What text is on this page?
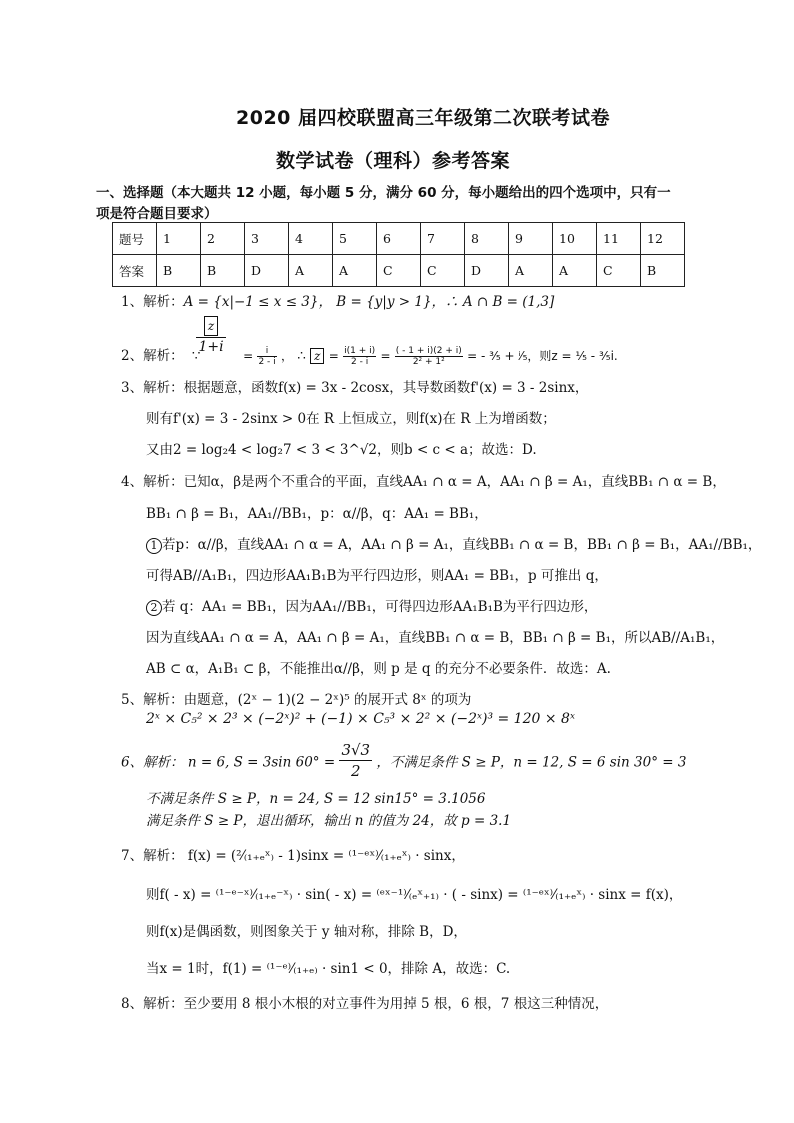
2020 届四校联盟高三年级第二次联考试卷
数学试卷（理科）参考答案
一、选择题（本大题共 12 小题，每小题 5 分，满分 60 分，每小题给出的四个选项中，只有一
项是符合题目要求）
题号	1	2	3	4	5	6	7	8	9	10	11	12
答案	B	B	D	A	A	C	C	D	A	A	C	B
1、解析：A = {x|−1 ≤ x ≤ 3}， B = {y|y > 1}，∴ A ∩ B = (1,3]
z
1+i
2、解析： ∵	= $\frac{i}{2 - i}$ ， ∴ $z = \frac{i(1 + i)}{2 - i} = \frac{( - 1 + i)(2 + i)}{\text{2² + 1²}}$ = - ³⁄₅ + ⁱ⁄₅，则z = ¹⁄₅ - ³⁄₅i.
3、解析：根据题意，函数f(x) = 3x - 2cosx，其导数函数f'(x) = 3 - 2sinx，
则有f'(x) = 3 - 2sinx > 0在 R 上恒成立，则f(x)在 R 上为增函数；
又由2 = log₂4 < log₂7 < 3 < 3^√2，则b < c < a；故选：D.
4、解析：已知α，β是两个不重合的平面，直线AA₁ ∩ α = A，AA₁ ∩ β = A₁，直线BB₁ ∩ α = B，
BB₁ ∩ β = B₁，AA₁//BB₁，p：α//β，q：AA₁ = BB₁，
1 若p：α//β，直线AA₁ ∩ α = A，AA₁ ∩ β = A₁，直线BB₁ ∩ α = B，BB₁ ∩ β = B₁，AA₁//BB₁，
可得AB//A₁B₁，四边形AA₁B₁B为平行四边形，则AA₁ = BB₁，p 可推出 q，
2 若 q：AA₁ = BB₁，因为AA₁//BB₁，可得四边形AA₁B₁B为平行四边形，
因为直线AA₁ ∩ α = A，AA₁ ∩ β = A₁，直线BB₁ ∩ α = B，BB₁ ∩ β = B₁，所以AB//A₁B₁，
AB ⊂ α，A₁B₁ ⊂ β，不能推出α//β，则 p 是 q 的充分不必要条件．故选：A.
5、解析：由题意，(2ˣ − 1)(2 − 2ˣ)⁵ 的展开式 8ˣ 的项为
2ˣ × C₅² × 2³ × (−2ˣ)² + (−1) × C₅³ × 2² × (−2ˣ)³ = 120 × 8ˣ
6、解析： n = 6, S = 3sin $60^\circ = \frac{3√3}{2}$ ，不满足条件 S ≥ P，n = 12, S = 6 sin 30° = 3
不满足条件 S ≥ P，n = 24, S = 12 sin15° = 3.1056
满足条件 S ≥ P，退出循环，输出 n 的值为 24，故 p = 3.1
7、解析： f(x) = (²⁄₍₁₊ₑˣ₎ - 1)sinx = ⁽¹⁻ᵉˣ⁾⁄₍₁₊ₑˣ₎ · sinx，
则f( - x) = ⁽¹⁻ᵉ⁻ˣ⁾⁄₍₁₊ₑ⁻ˣ₎ · sin( - x) = ⁽ᵉˣ⁻¹⁾⁄₍ₑˣ₊₁₎ · ( - sinx) = ⁽¹⁻ᵉˣ⁾⁄₍₁₊ₑˣ₎ · sinx = f(x)，
则f(x)是偶函数，则图象关于 y 轴对称，排除 B，D，
当x = 1时，f(1) = ⁽¹⁻ᵉ⁾⁄₍₁₊ₑ₎ · sin1 < 0，排除 A，故选：C.
8、解析：至少要用 8 根小木根的对立事件为用掉 5 根，6 根，7 根这三种情况，
